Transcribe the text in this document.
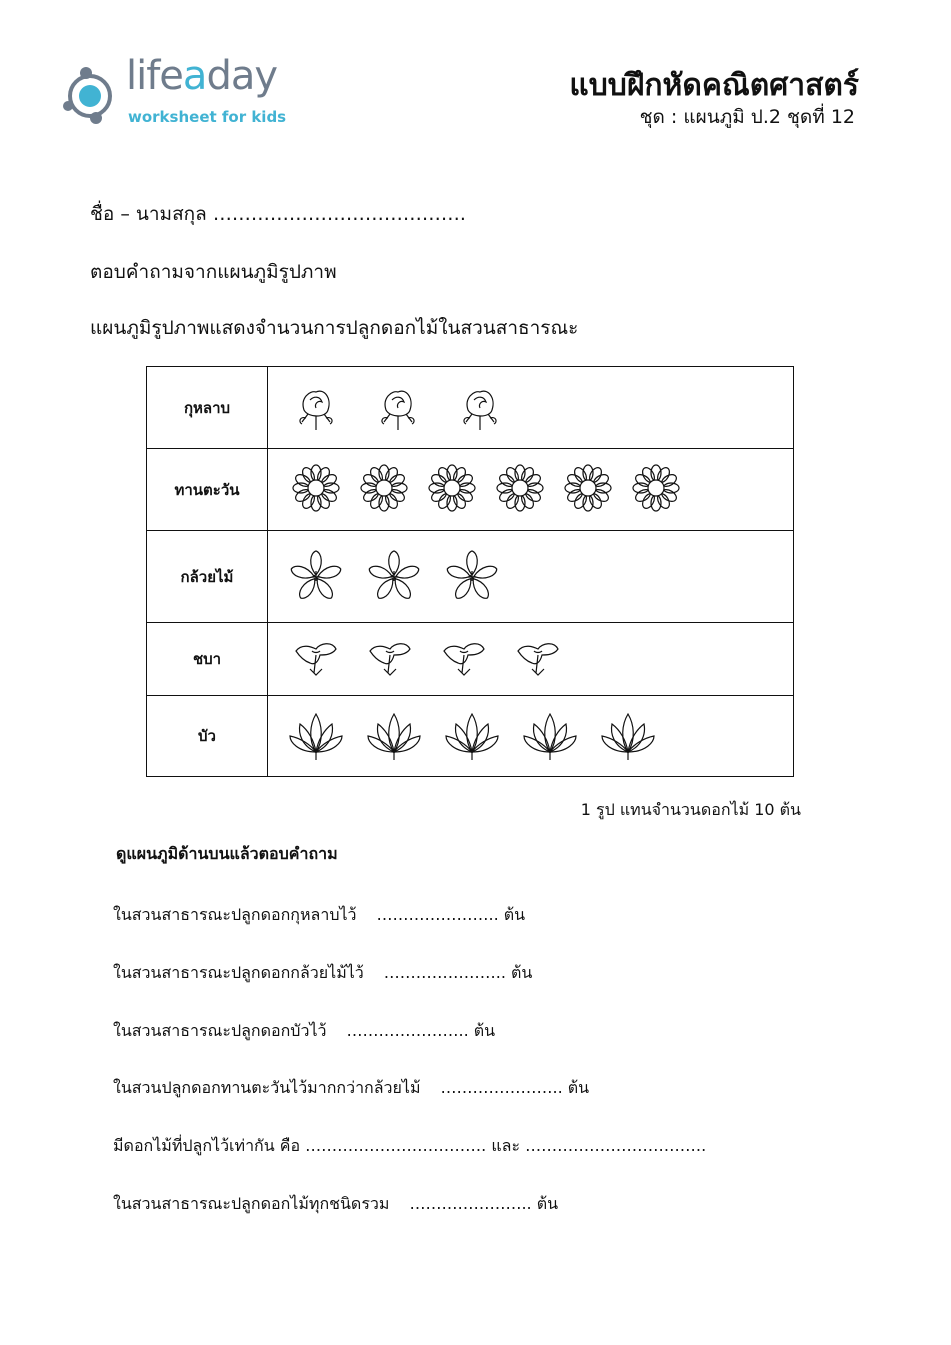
lifeaday
worksheet for kids
แบบฝึกหัดคณิตศาสตร์
ชุด : แผนภูมิ ป.2 ชุดที่ 12
ชื่อ – นามสกุล ………………………………….
ตอบคำถามจากแผนภูมิรูปภาพ
แผนภูมิรูปภาพแสดงจำนวนการปลูกดอกไม้ในสวนสาธารณะ
กุหลาบ	

ทานตะวัน	

กล้วยไม้	

ชบา	

บัว	
1 รูป แทนจำนวนดอกไม้ 10 ต้น
ดูแผนภูมิด้านบนแล้วตอบคำถาม
ในสวนสาธารณะปลูกดอกกุหลาบไว้ ………………….. ต้น
ในสวนสาธารณะปลูกดอกกล้วยไม้ไว้ ………………….. ต้น
ในสวนสาธารณะปลูกดอกบัวไว้ ………………….. ต้น
ในสวนปลูกดอกทานตะวันไว้มากกว่ากล้วยไม้ ………………….. ต้น
มีดอกไม้ที่ปลูกไว้เท่ากัน คือ ……………………………. และ …………………………….
ในสวนสาธารณะปลูกดอกไม้ทุกชนิดรวม ………………….. ต้น
